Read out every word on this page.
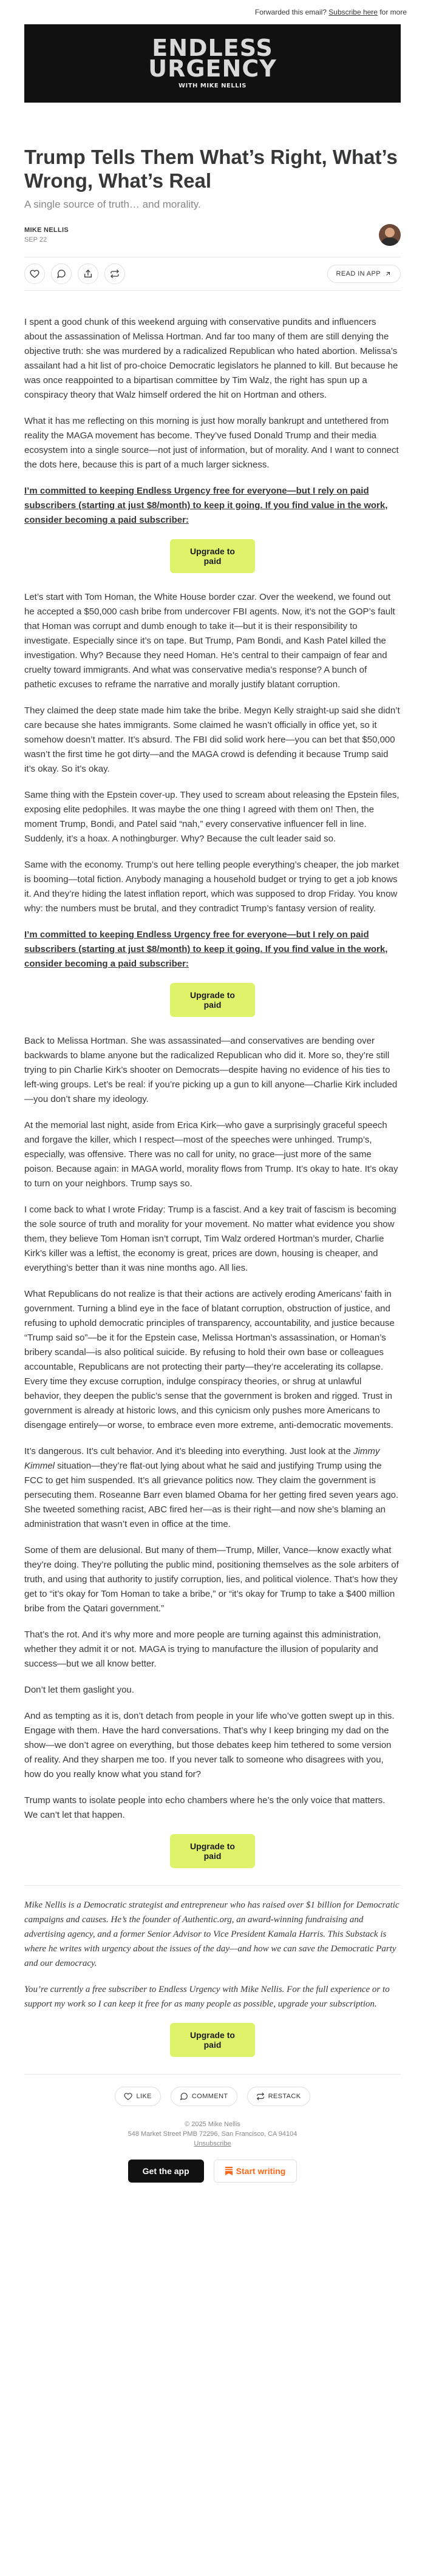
Forwarded this email? Subscribe here for more
ENDLESS
URGENCY
WITH MIKE NELLIS
Trump Tells Them What’s Right, What’s Wrong, What’s Real
A single source of truth… and morality.
MIKE NELLIS
SEP 22
READ IN APP

I spent a good chunk of this weekend arguing with conservative pundits and influencers about the assassination of Melissa Hortman. And far too many of them are still denying the objective truth: she was murdered by a radicalized Republican who hated abortion. Melissa’s assailant had a hit list of pro-choice Democratic legislators he planned to kill. But because he was once reappointed to a bipartisan committee by Tim Walz, the right has spun up a conspiracy theory that Walz himself ordered the hit on Hortman and others.

What it has me reflecting on this morning is just how morally bankrupt and untethered from reality the MAGA movement has become. They’ve fused Donald Trump and their media ecosystem into a single source—not just of information, but of morality. And I want to connect the dots here, because this is part of a much larger sickness.

I’m committed to keeping Endless Urgency free for everyone—but I rely on paid subscribers (starting at just $8/month) to keep it going. If you find value in the work, consider becoming a paid subscriber:

Upgrade to paid

Let’s start with Tom Homan, the White House border czar. Over the weekend, we found out he accepted a $50,000 cash bribe from undercover FBI agents. Now, it’s not the GOP’s fault that Homan was corrupt and dumb enough to take it—but it is their responsibility to investigate. Especially since it’s on tape. But Trump, Pam Bondi, and Kash Patel killed the investigation. Why? Because they need Homan. He’s central to their campaign of fear and cruelty toward immigrants. And what was conservative media’s response? A bunch of pathetic excuses to reframe the narrative and morally justify blatant corruption.

They claimed the deep state made him take the bribe. Megyn Kelly straight-up said she didn’t care because she hates immigrants. Some claimed he wasn’t officially in office yet, so it somehow doesn’t matter. It’s absurd. The FBI did solid work here—you can bet that $50,000 wasn’t the first time he got dirty—and the MAGA crowd is defending it because Trump said it’s okay. So it’s okay.

Same thing with the Epstein cover-up. They used to scream about releasing the Epstein files, exposing elite pedophiles. It was maybe the one thing I agreed with them on! Then, the moment Trump, Bondi, and Patel said “nah,” every conservative influencer fell in line. Suddenly, it’s a hoax. A nothingburger. Why? Because the cult leader said so.

Same with the economy. Trump’s out here telling people everything’s cheaper, the job market is booming—total fiction. Anybody managing a household budget or trying to get a job knows it. And they’re hiding the latest inflation report, which was supposed to drop Friday. You know why: the numbers must be brutal, and they contradict Trump’s fantasy version of reality.

I’m committed to keeping Endless Urgency free for everyone—but I rely on paid subscribers (starting at just $8/month) to keep it going. If you find value in the work, consider becoming a paid subscriber:

Upgrade to paid

Back to Melissa Hortman. She was assassinated—and conservatives are bending over backwards to blame anyone but the radicalized Republican who did it. More so, they’re still trying to pin Charlie Kirk’s shooter on Democrats—despite having no evidence of his ties to left-wing groups. Let’s be real: if you’re picking up a gun to kill anyone—Charlie Kirk included—you don’t share my ideology.

At the memorial last night, aside from Erica Kirk—who gave a surprisingly graceful speech and forgave the killer, which I respect—most of the speeches were unhinged. Trump’s, especially, was offensive. There was no call for unity, no grace—just more of the same poison. Because again: in MAGA world, morality flows from Trump. It’s okay to hate. It’s okay to turn on your neighbors. Trump says so.

I come back to what I wrote Friday: Trump is a fascist. And a key trait of fascism is becoming the sole source of truth and morality for your movement. No matter what evidence you show them, they believe Tom Homan isn’t corrupt, Tim Walz ordered Hortman’s murder, Charlie Kirk’s killer was a leftist, the economy is great, prices are down, housing is cheaper, and everything’s better than it was nine months ago. All lies.

What Republicans do not realize is that their actions are actively eroding Americans’ faith in government. Turning a blind eye in the face of blatant corruption, obstruction of justice, and refusing to uphold democratic principles of transparency, accountability, and justice because “Trump said so”—be it for the Epstein case, Melissa Hortman’s assassination, or Homan’s bribery scandal—is also political suicide. By refusing to hold their own base or colleagues accountable, Republicans are not protecting their party—they’re accelerating its collapse. Every time they excuse corruption, indulge conspiracy theories, or shrug at unlawful behavior, they deepen the public’s sense that the government is broken and rigged. Trust in government is already at historic lows, and this cynicism only pushes more Americans to disengage entirely—or worse, to embrace even more extreme, anti-democratic movements.

It’s dangerous. It’s cult behavior. And it’s bleeding into everything. Just look at the Jimmy Kimmel situation—they’re flat-out lying about what he said and justifying Trump using the FCC to get him suspended. It’s all grievance politics now. They claim the government is persecuting them. Roseanne Barr even blamed Obama for her getting fired seven years ago. She tweeted something racist, ABC fired her—as is their right—and now she’s blaming an administration that wasn’t even in office at the time.

Some of them are delusional. But many of them—Trump, Miller, Vance—know exactly what they’re doing. They’re polluting the public mind, positioning themselves as the sole arbiters of truth, and using that authority to justify corruption, lies, and political violence. That’s how they get to “it’s okay for Tom Homan to take a bribe,” or “it’s okay for Trump to take a $400 million bribe from the Qatari government.”

That’s the rot. And it’s why more and more people are turning against this administration, whether they admit it or not. MAGA is trying to manufacture the illusion of popularity and success—but we all know better.

Don’t let them gaslight you.

And as tempting as it is, don’t detach from people in your life who’ve gotten swept up in this. Engage with them. Have the hard conversations. That’s why I keep bringing my dad on the show—we don’t agree on everything, but those debates keep him tethered to some version of reality. And they sharpen me too. If you never talk to someone who disagrees with you, how do you really know what you stand for?

Trump wants to isolate people into echo chambers where he’s the only voice that matters. We can’t let that happen.

Upgrade to paid

Mike Nellis is a Democratic strategist and entrepreneur who has raised over $1 billion for Democratic campaigns and causes. He’s the founder of Authentic.org, an award-winning fundraising and advertising agency, and a former Senior Advisor to Vice President Kamala Harris. This Substack is where he writes with urgency about the issues of the day—and how we can save the Democratic Party and our democracy.

You’re currently a free subscriber to Endless Urgency with Mike Nellis. For the full experience or to support my work so I can keep it free for as many people as possible, upgrade your subscription.

Upgrade to paid
LIKE	COMMENT	RESTACK
© 2025 Mike Nellis
548 Market Street PMB 72296, San Francisco, CA 94104
Unsubscribe
Get the app	Start writing
